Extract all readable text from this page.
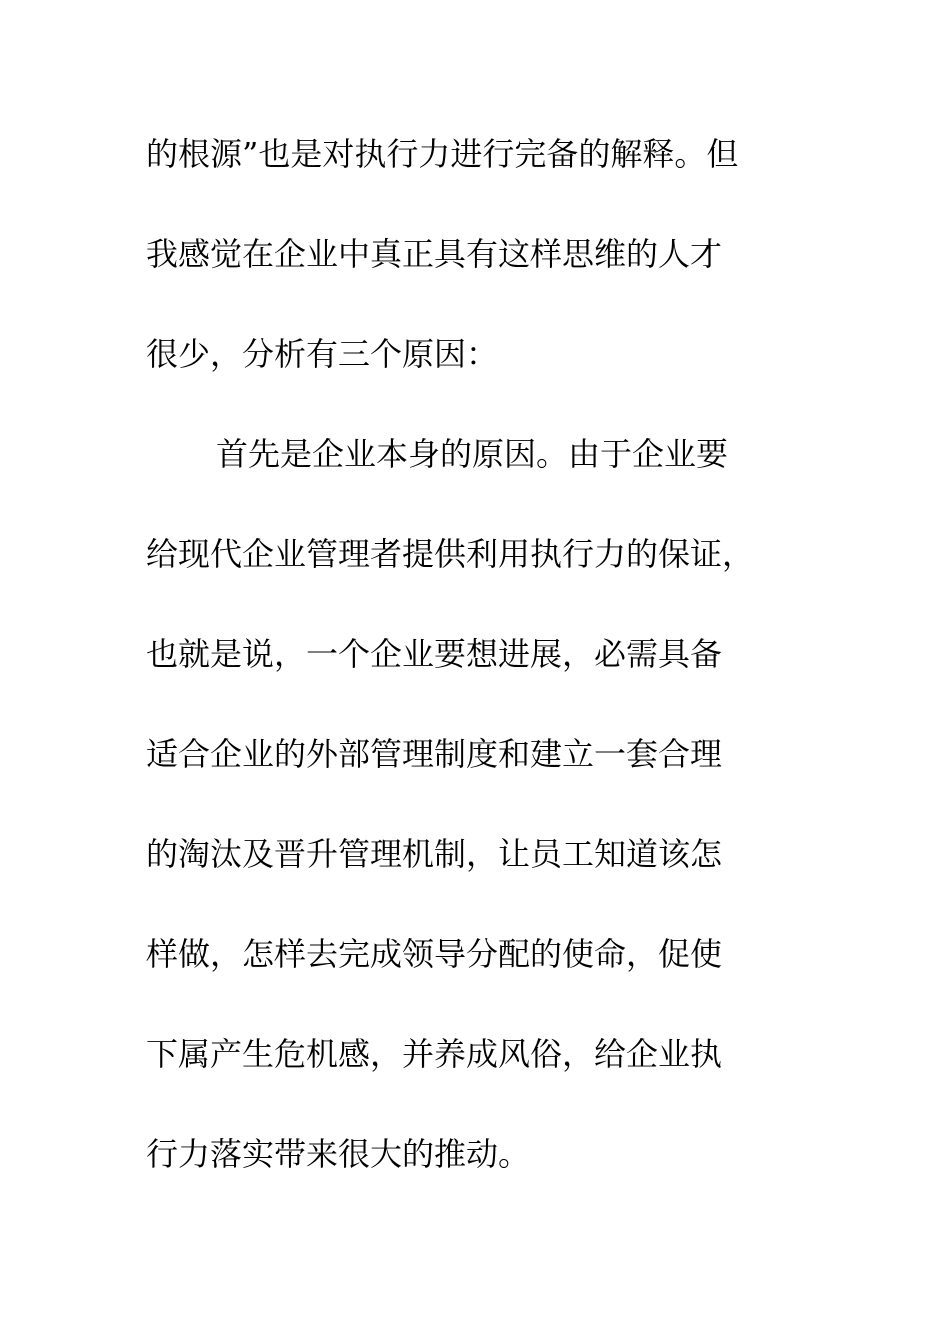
的根源”也是对执行力进行完备的解释。但
我感觉在企业中真正具有这样思维的人才
很少，分析有三个原因：
首先是企业本身的原因。由于企业要
给现代企业管理者提供利用执行力的保证，
也就是说，一个企业要想进展，必需具备
适合企业的外部管理制度和建立一套合理
的淘汰及晋升管理机制，让员工知道该怎
样做，怎样去完成领导分配的使命，促使
下属产生危机感，并养成风俗，给企业执
行力落实带来很大的推动。
